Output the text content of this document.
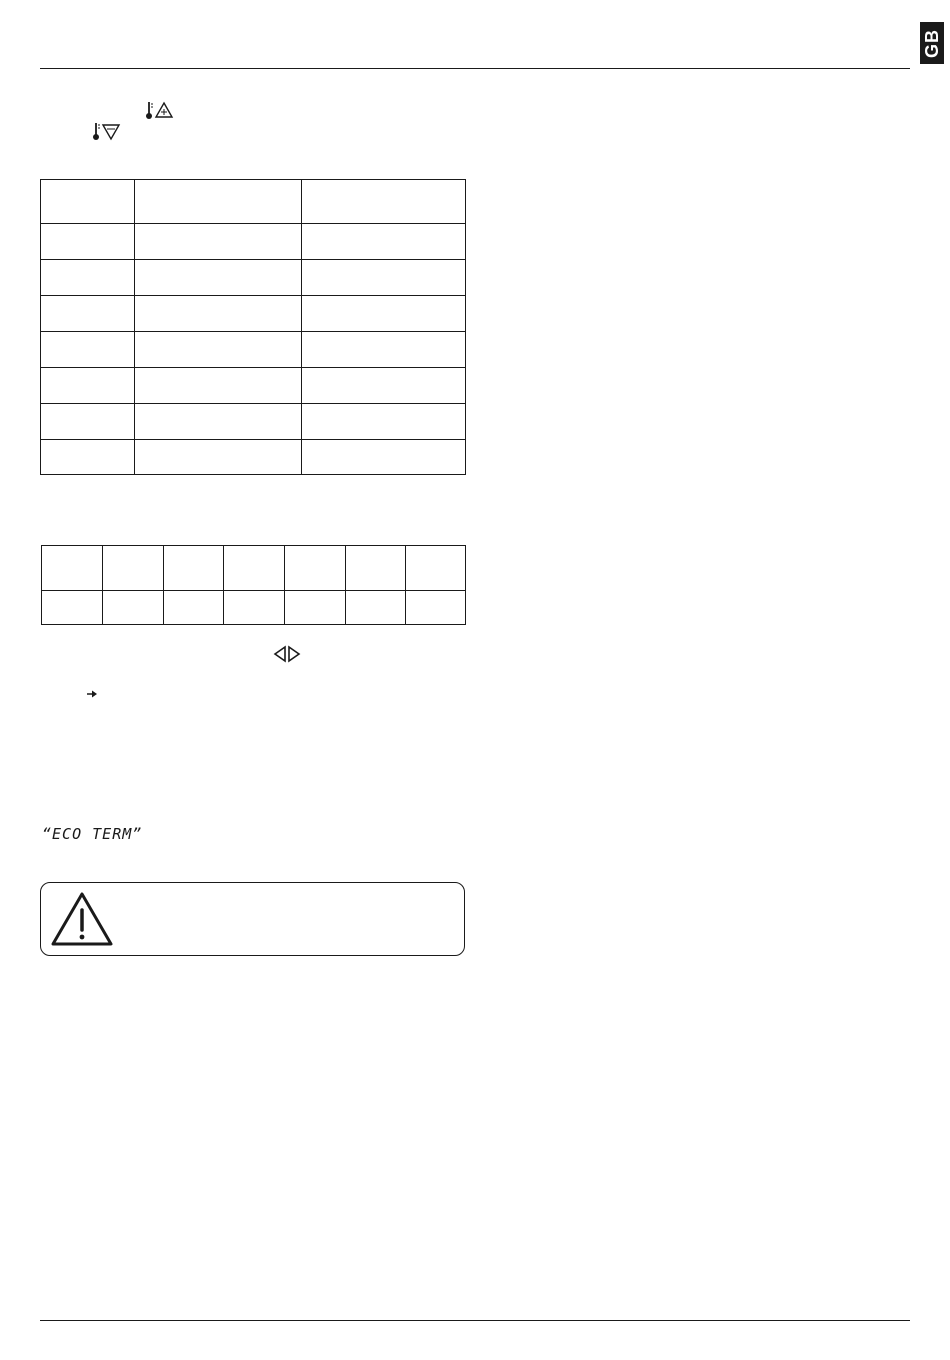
GB

“ECO TERM”
